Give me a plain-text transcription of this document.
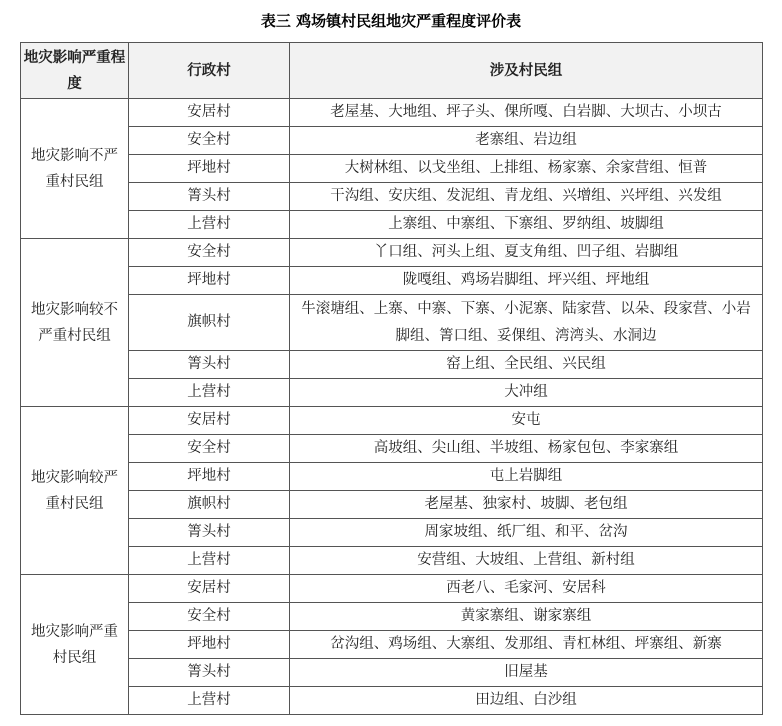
表三 鸡场镇村民组地灾严重程度评价表
地灾影响严重程度	行政村	涉及村民组
地灾影响不严重村民组	安居村	老屋基、大地组、坪子头、倮所嘎、白岩脚、大坝古、小坝古
	安全村	老寨组、岩边组
	坪地村	大树林组、以戈坐组、上排组、杨家寨、余家营组、恒普
	箐头村	干沟组、安庆组、发泥组、青龙组、兴增组、兴坪组、兴发组
	上营村	上寨组、中寨组、下寨组、罗纳组、坡脚组
地灾影响较不严重村民组	安全村	丫口组、河头上组、夏支角组、凹子组、岩脚组
	坪地村	陇嘎组、鸡场岩脚组、坪兴组、坪地组
	旗帜村	牛滚塘组、上寨、中寨、下寨、小泥寨、陆家营、以朵、段家营、小岩脚组、箐口组、妥倮组、湾湾头、水洞边
	箐头村	窑上组、全民组、兴民组
	上营村	大冲组
地灾影响较严重村民组	安居村	安屯
	安全村	高坡组、尖山组、半坡组、杨家包包、李家寨组
	坪地村	屯上岩脚组
	旗帜村	老屋基、独家村、坡脚、老包组
	箐头村	周家坡组、纸厂组、和平、岔沟
	上营村	安营组、大坡组、上营组、新村组
地灾影响严重村民组	安居村	西老八、毛家河、安居科
	安全村	黄家寨组、谢家寨组
	坪地村	岔沟组、鸡场组、大寨组、发那组、青杠林组、坪寨组、新寨
	箐头村	旧屋基
	上营村	田边组、白沙组
